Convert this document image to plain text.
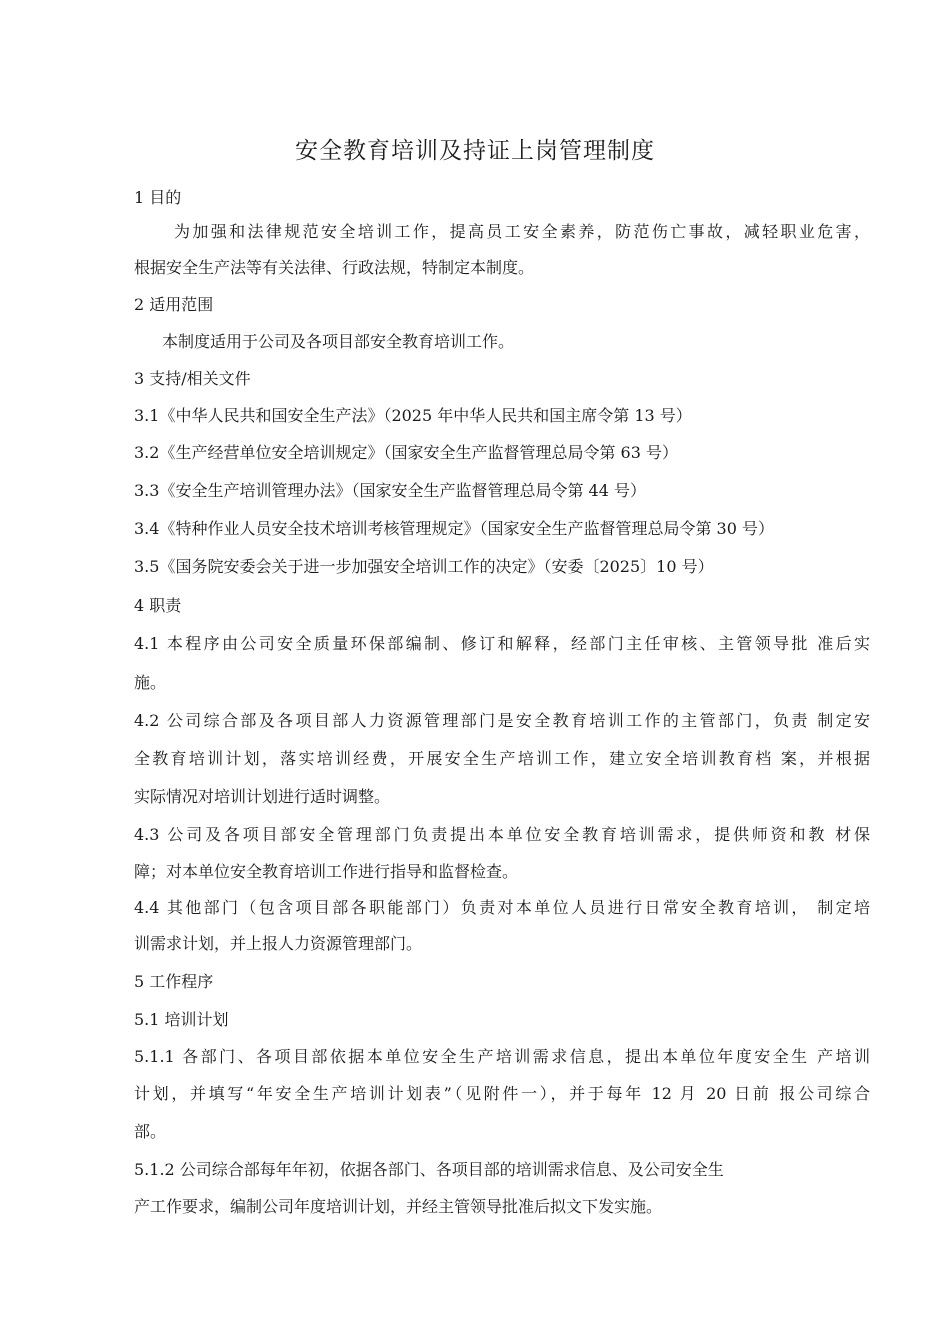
安全教育培训及持证上岗管理制度

1 目的

为加强和法律规范安全培训工作，提高员工安全素养，防范伤亡事故，减轻职业危害，

根据安全生产法等有关法律、行政法规，特制定本制度。

2 适用范围

本制度适用于公司及各项目部安全教育培训工作。

3 支持/相关文件

3.1《中华人民共和国安全生产法》（2025 年中华人民共和国主席令第 13 号）

3.2《生产经营单位安全培训规定》（国家安全生产监督管理总局令第 63 号）

3.3《安全生产培训管理办法》（国家安全生产监督管理总局令第 44 号）

3.4《特种作业人员安全技术培训考核管理规定》（国家安全生产监督管理总局令第 30 号）

3.5《国务院安委会关于进一步加强安全培训工作的决定》（安委〔2025〕10 号）

4 职责

4.1 本程序由公司安全质量环保部编制、修订和解释，经部门主任审核、主管领导批 准后实

施。

4.2 公司综合部及各项目部人力资源管理部门是安全教育培训工作的主管部门，负责 制定安

全教育培训计划，落实培训经费，开展安全生产培训工作，建立安全培训教育档 案，并根据

实际情况对培训计划进行适时调整。

4.3 公司及各项目部安全管理部门负责提出本单位安全教育培训需求，提供师资和教 材保

障；对本单位安全教育培训工作进行指导和监督检查。

4.4 其他部门（包含项目部各职能部门）负责对本单位人员进行日常安全教育培训， 制定培

训需求计划，并上报人力资源管理部门。

5 工作程序

5.1 培训计划

5.1.1 各部门、各项目部依据本单位安全生产培训需求信息，提出本单位年度安全生 产培训

计划，并填写“年安全生产培训计划表”（见附件一），并于每年 12 月 20 日前 报公司综合

部。

5.1.2 公司综合部每年年初，依据各部门、各项目部的培训需求信息、及公司安全生

产工作要求，编制公司年度培训计划，并经主管领导批准后拟文下发实施。
